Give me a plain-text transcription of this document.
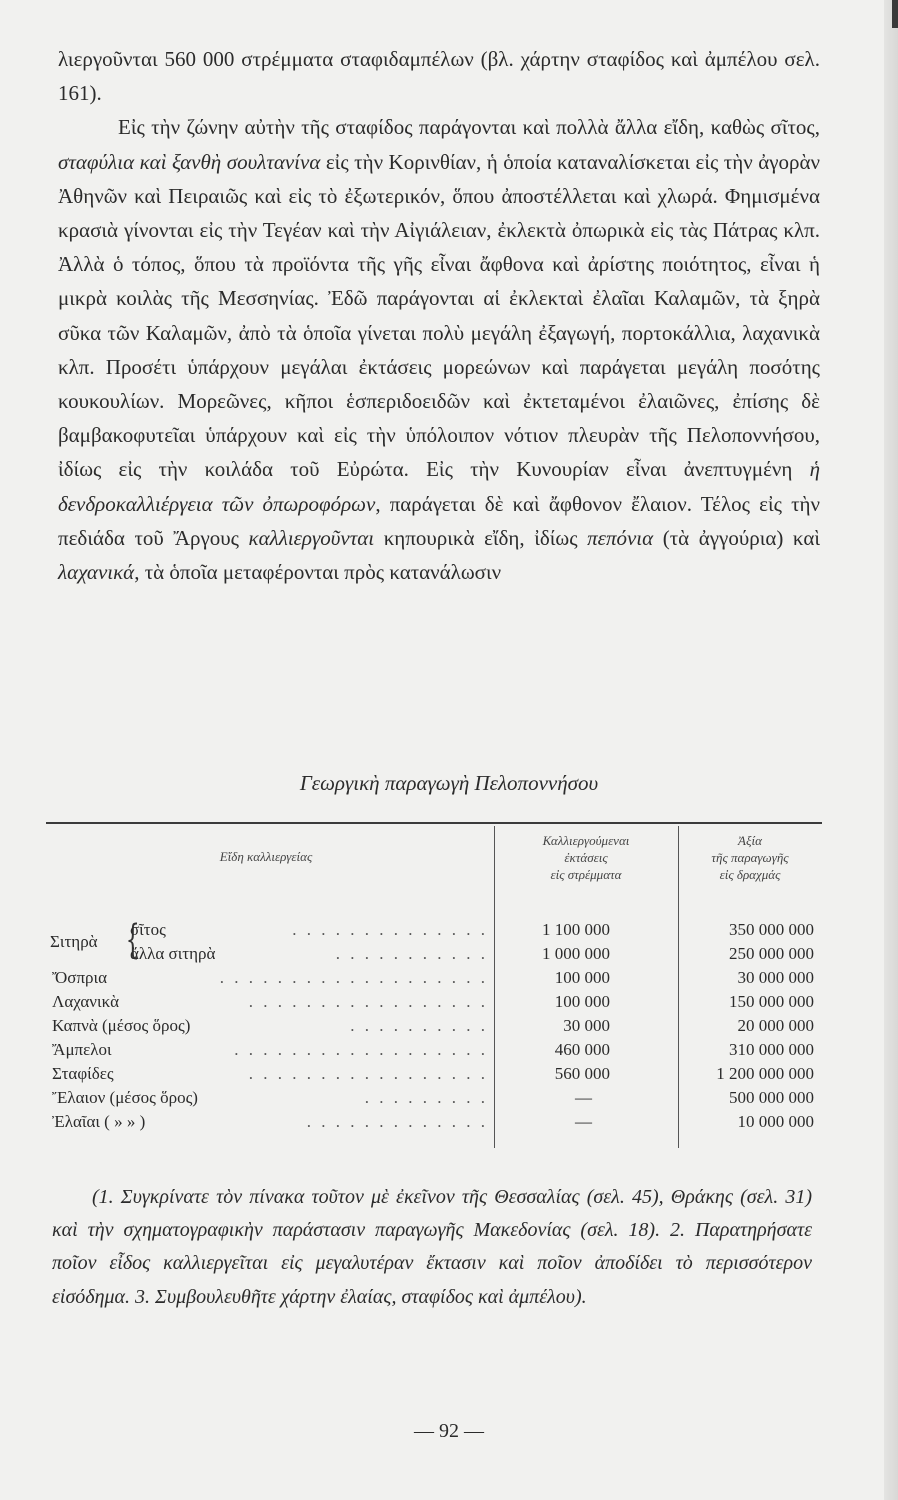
λιεργοῦνται 560 000 στρέμματα σταφιδαμπέλων (βλ. χάρτην σταφίδος καὶ ἀμπέλου σελ. 161).

Εἰς τὴν ζώνην αὐτὴν τῆς σταφίδος παράγονται καὶ πολλὰ ἄλλα εἴδη, καθὼς σῖτος, σταφύλια καὶ ξανθὴ σουλτανίνα εἰς τὴν Κορινθίαν, ἡ ὁποία καταναλίσκεται εἰς τὴν ἀγορὰν Ἀθηνῶν καὶ Πειραιῶς καὶ εἰς τὸ ἐξωτερικόν, ὅπου ἀποστέλλεται καὶ χλωρά. Φημισμένα κρασιὰ γίνονται εἰς τὴν Τεγέαν καὶ τὴν Αἰγιάλειαν, ἐκλεκτὰ ὀπωρικὰ εἰς τὰς Πάτρας κλπ. Ἀλλὰ ὁ τόπος, ὅπου τὰ προϊόντα τῆς γῆς εἶναι ἄφθονα καὶ ἀρίστης ποιότητος, εἶναι ἡ μικρὰ κοιλὰς τῆς Μεσσηνίας. Ἐδῶ παράγονται αἱ ἐκλεκταὶ ἐλαῖαι Καλαμῶν, τὰ ξηρὰ σῦκα τῶν Καλαμῶν, ἀπὸ τὰ ὁποῖα γίνεται πολὺ μεγάλη ἐξαγωγή, πορτοκάλλια, λαχανικὰ κλπ. Προσέτι ὑπάρχουν μεγάλαι ἐκτάσεις μορεώνων καὶ παράγεται μεγάλη ποσότης κουκουλίων. Μορεῶνες, κῆποι ἑσπεριδοειδῶν καὶ ἐκτεταμένοι ἐλαιῶνες, ἐπίσης δὲ βαμβακοφυτεῖαι ὑπάρχουν καὶ εἰς τὴν ὑπόλοιπον νότιον πλευρὰν τῆς Πελοποννήσου, ἰδίως εἰς τὴν κοιλάδα τοῦ Εὐρώτα. Εἰς τὴν Κυνουρίαν εἶναι ἀνεπτυγμένη ἡ δενδροκαλλιέργεια τῶν ὀπωροφόρων, παράγεται δὲ καὶ ἄφθονον ἔλαιον. Τέλος εἰς τὴν πεδιάδα τοῦ Ἄργους καλλιεργοῦνται κηπουρικὰ εἴδη, ἰδίως πεπόνια (τὰ ἀγγούρια) καὶ λαχανικά, τὰ ὁποῖα μεταφέρονται πρὸς κατανάλωσιν

Γεωργικὴ παραγωγὴ Πελοποννήσου
Εἴδη καλλιεργείας
Καλλιεργούμεναι
ἐκτάσεις
εἰς στρέμματα
Ἀξία
τῆς παραγωγῆς
εἰς δραχμάς
Σιτηρὰ {
σῖτος	. . . . . . . . . . . . . .	1 100 000	350 000 000
ἄλλα σιτηρὰ	. . . . . . . . . . .	1 000 000	250 000 000
Ὄσπρια	. . . . . . . . . . . . . . . . . . .	100 000	30 000 000
Λαχανικὰ	. . . . . . . . . . . . . . . . .	100 000	150 000 000
Καπνὰ (μέσος ὅρος)	. . . . . . . . . .	30 000	20 000 000
Ἄμπελοι	. . . . . . . . . . . . . . . . . .	460 000	310 000 000
Σταφίδες	. . . . . . . . . . . . . . . . .	560 000	1 200 000 000
Ἔλαιον (μέσος ὅρος)	. . . . . . . . .	—	500 000 000
Ἐλαῖαι ( » » )	. . . . . . . . . . . . .	—	10 000 000

(1. Συγκρίνατε τὸν πίνακα τοῦτον μὲ ἐκεῖνον τῆς Θεσσαλίας (σελ. 45), Θράκης (σελ. 31) καὶ τὴν σχηματογραφικὴν παράστασιν παραγωγῆς Μακεδονίας (σελ. 18). 2. Παρατηρήσατε ποῖον εἶδος καλλιεργεῖται εἰς μεγαλυτέραν ἔκτασιν καὶ ποῖον ἀποδίδει τὸ περισσότερον εἰσόδημα. 3. Συμβουλευθῆτε χάρτην ἐλαίας, σταφίδος καὶ ἀμπέλου).

— 92 —
